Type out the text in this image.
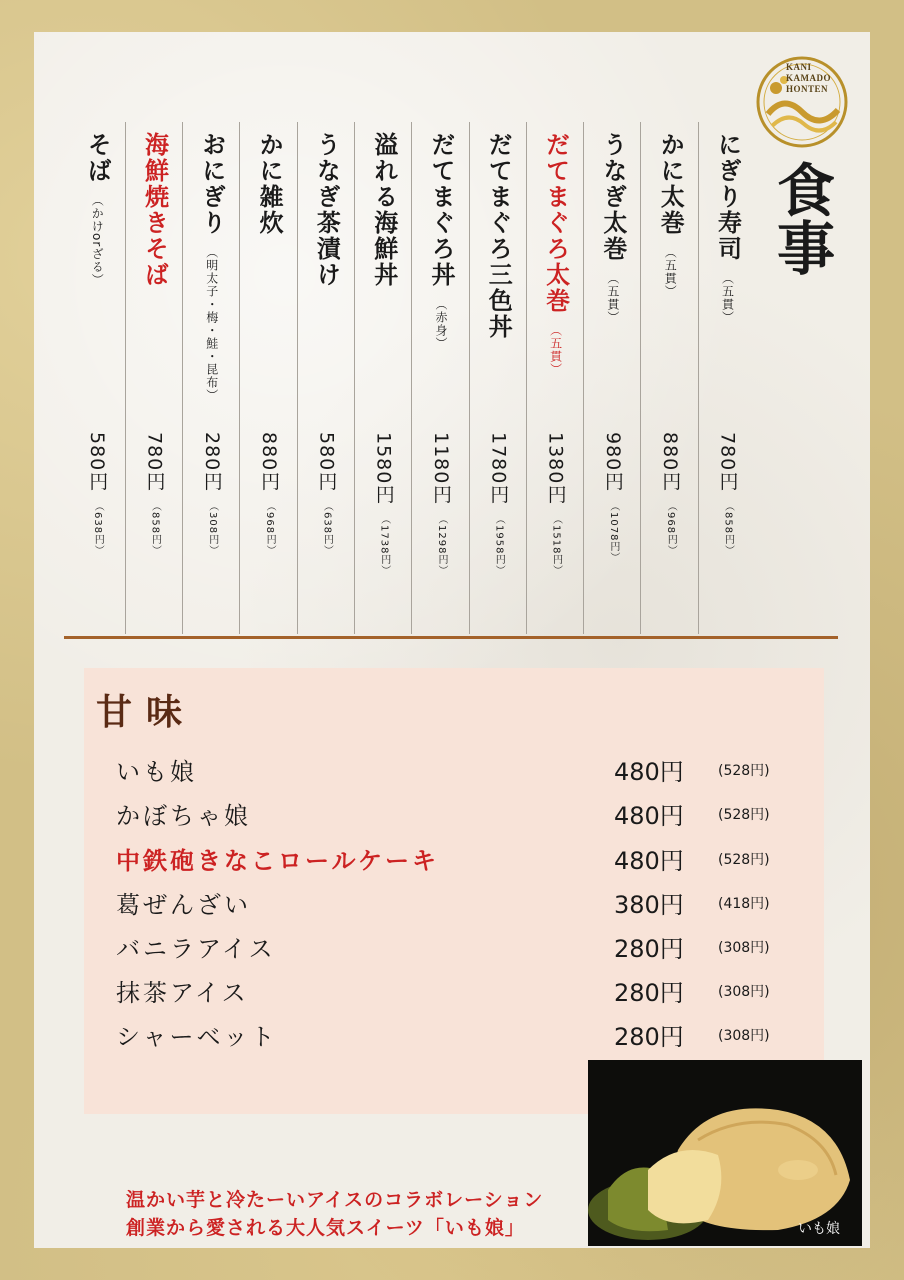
KANI
KAMADO
HONTEN
食事
にぎり寿司
（五貫）
780円
（858円）
かに太巻
（五貫）
880円
（968円）
うなぎ太巻
（五貫）
980円
（1078円）
だてまぐろ太巻
（五貫）
1380円
（1518円）
だてまぐろ三色丼
1780円
（1958円）
だてまぐろ丼
（赤身）
1180円
（1298円）
溢れる海鮮丼
1580円
（1738円）
うなぎ茶漬け
580円
（638円）
かに雑炊
880円
（968円）
おにぎり
（明太子・梅・鮭・昆布）
280円
（308円）
海鮮焼きそば
780円
（858円）
そば
（かけorざる）
580円
（638円）
甘味
いも娘	480円 (528円)
かぼちゃ娘	480円 (528円)
中鉄砲きなこロールケーキ	480円 (528円)
葛ぜんざい	380円 (418円)
バニラアイス	280円 (308円)
抹茶アイス	280円 (308円)
シャーベット	280円 (308円)
いも娘
温かい芋と冷たーいアイスのコラボレーション
創業から愛される大人気スイーツ「いも娘」
